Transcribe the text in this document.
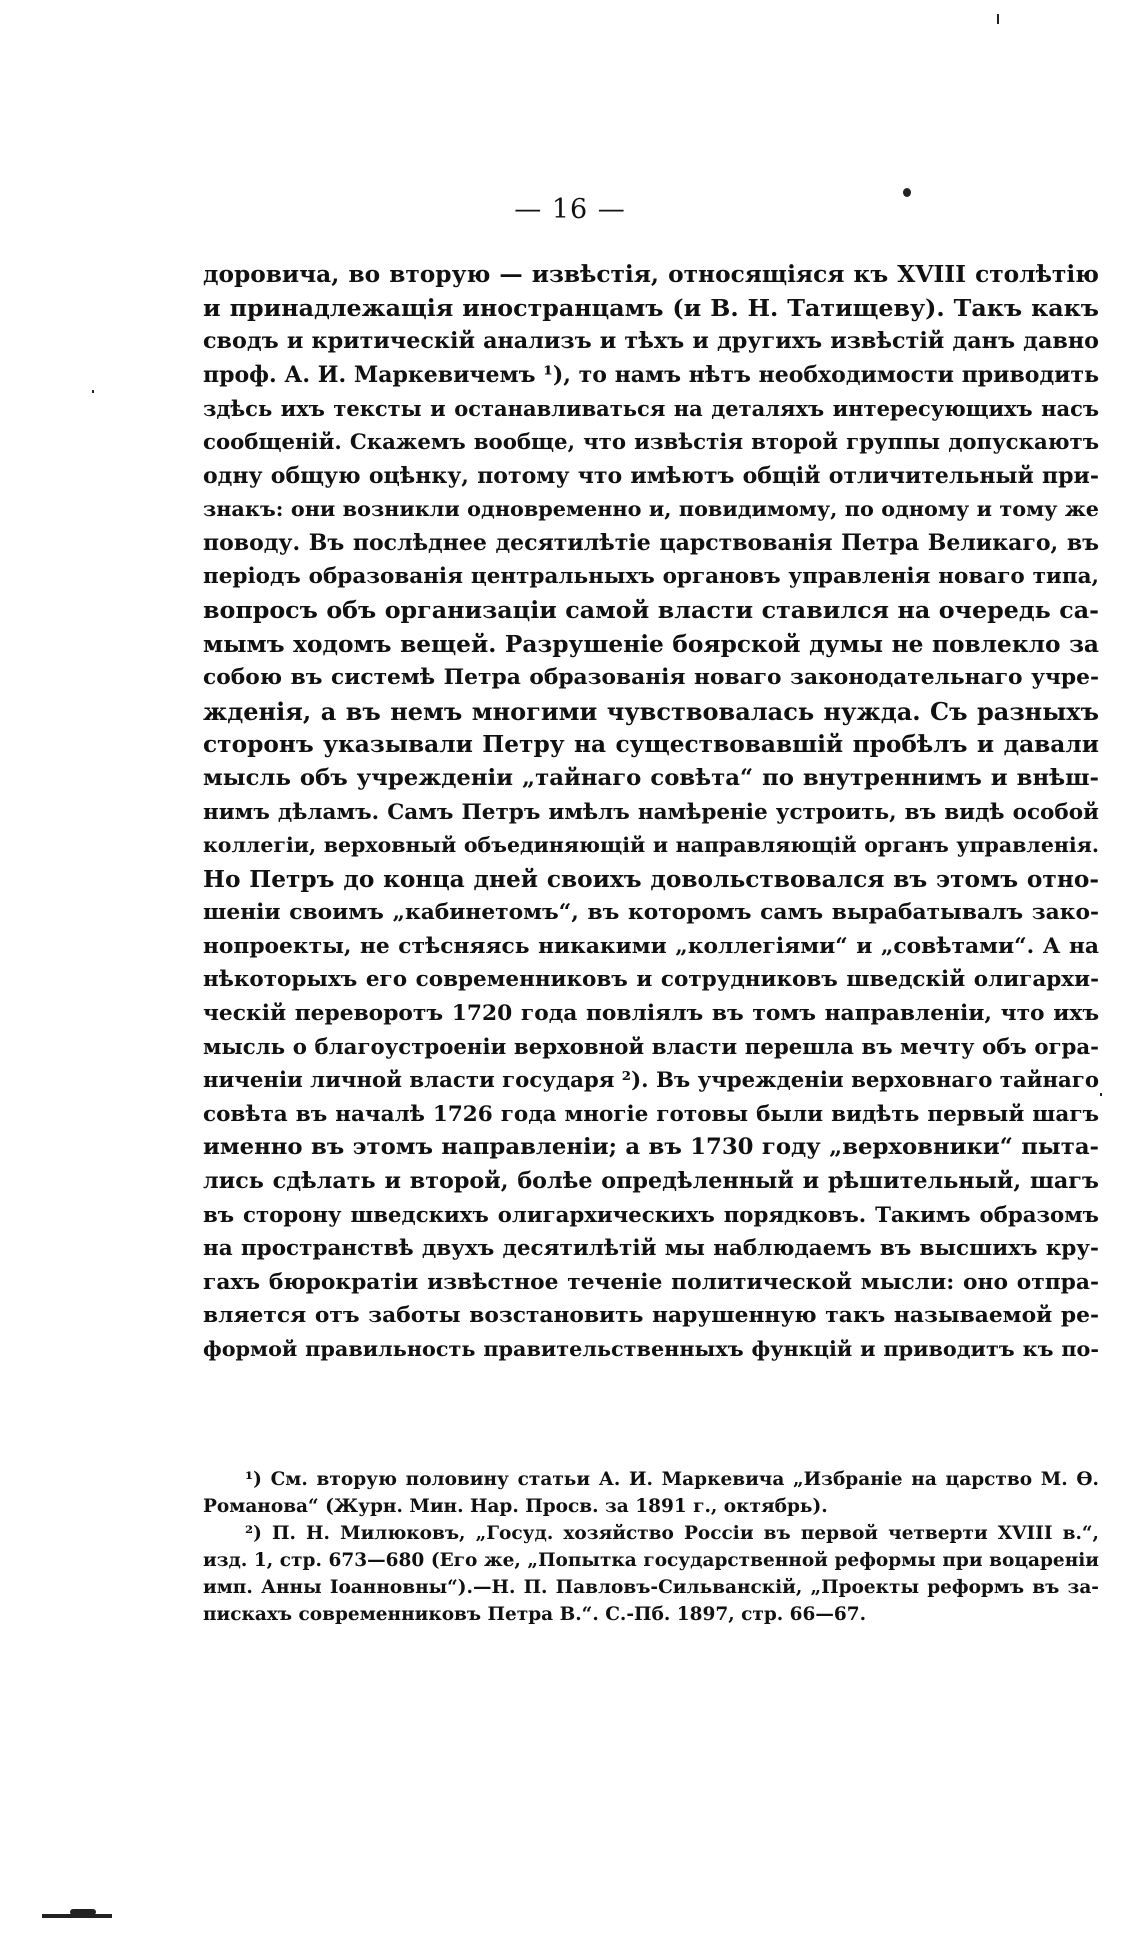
— 16 —
доровича, во вторую — извѣстія, относящіяся къ XVIII столѣтію
и принадлежащія иностранцамъ (и В. Н. Татищеву). Такъ какъ
сводъ и критическій анализъ и тѣхъ и другихъ извѣстій данъ давно
проф. А. И. Маркевичемъ ¹), то намъ нѣтъ необходимости приводить
здѣсь ихъ тексты и останавливаться на деталяхъ интересующихъ насъ
сообщеній. Скажемъ вообще, что извѣстія второй группы допускаютъ
одну общую оцѣнку, потому что имѣютъ общій отличительный при-
знакъ: они возникли одновременно и, повидимому, по одному и тому же
поводу. Въ послѣднее десятилѣтіе царствованія Петра Великаго, въ
періодъ образованія центральныхъ органовъ управленія новаго типа,
вопросъ объ организаціи самой власти ставился на очередь са-
мымъ ходомъ вещей. Разрушеніе боярской думы не повлекло за
собою въ системѣ Петра образованія новаго законодательнаго учре-
жденія, а въ немъ многими чувствовалась нужда. Съ разныхъ
сторонъ указывали Петру на существовавшій пробѣлъ и давали
мысль объ учрежденіи „тайнаго совѣта“ по внутреннимъ и внѣш-
нимъ дѣламъ. Самъ Петръ имѣлъ намѣреніе устроить, въ видѣ особой
коллегіи, верховный объединяющій и направляющій органъ управленія.
Но Петръ до конца дней своихъ довольствовался въ этомъ отно-
шеніи своимъ „кабинетомъ“, въ которомъ самъ вырабатывалъ зако-
нопроекты, не стѣсняясь никакими „коллегіями“ и „совѣтами“. А на
нѣкоторыхъ его современниковъ и сотрудниковъ шведскій олигархи-
ческій переворотъ 1720 года повліялъ въ томъ направленіи, что ихъ
мысль о благоустроеніи верховной власти перешла въ мечту объ огра-
ниченіи личной власти государя ²). Въ учрежденіи верховнаго тайнаго
совѣта въ началѣ 1726 года многіе готовы были видѣть первый шагъ
именно въ этомъ направленіи; а въ 1730 году „верховники“ пыта-
лись сдѣлать и второй, болѣе опредѣленный и рѣшительный, шагъ
въ сторону шведскихъ олигархическихъ порядковъ. Такимъ образомъ
на пространствѣ двухъ десятилѣтій мы наблюдаемъ въ высшихъ кру-
гахъ бюрократіи извѣстное теченіе политической мысли: оно отпра-
вляется отъ заботы возстановить нарушенную такъ называемой ре-
формой правильность правительственныхъ функцій и приводитъ къ по-
¹) См. вторую половину статьи А. И. Маркевича „Избраніе на царство М. Ѳ.
Романова“ (Журн. Мин. Нар. Просв. за 1891 г., октябрь).
²) П. Н. Милюковъ, „Госуд. хозяйство Россіи въ первой четверти XVIII в.“,
изд. 1, стр. 673—680 (Его же, „Попытка государственной реформы при воцареніи
имп. Анны Іоанновны“).—Н. П. Павловъ-Сильванскій, „Проекты реформъ въ за-
пискахъ современниковъ Петра В.“. С.-Пб. 1897, стр. 66—67.
